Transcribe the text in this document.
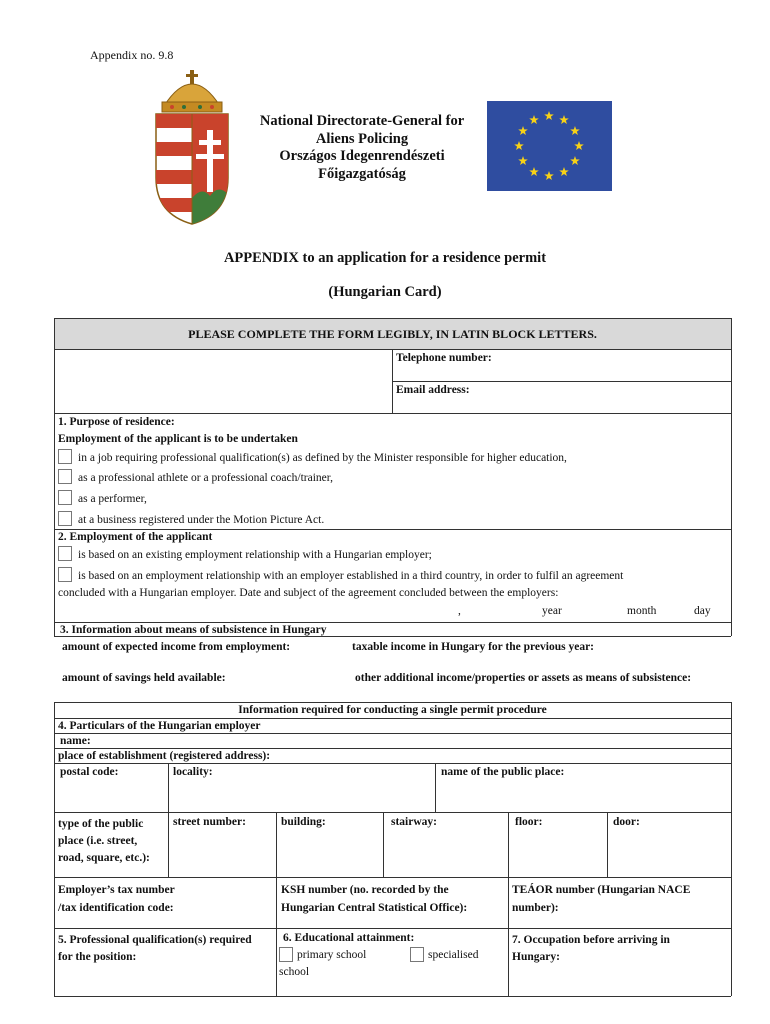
Appendix no. 9.8
National Directorate-General for
Aliens Policing
Országos Idegenrendészeti
Főigazgatóság
APPENDIX to an application for a residence permit
(Hungarian Card)
PLEASE COMPLETE THE FORM LEGIBLY, IN LATIN BLOCK LETTERS.
Telephone number:
Email address:
1. Purpose of residence:
Employment of the applicant is to be undertaken
in a job requiring professional qualification(s) as defined by the Minister responsible for higher education,
as a professional athlete or a professional coach/trainer,
as a performer,
at a business registered under the Motion Picture Act.
2. Employment of the applicant
is based on an existing employment relationship with a Hungarian employer;
is based on an employment relationship with an employer established in a third country, in order to fulfil an agreement
concluded with a Hungarian employer. Date and subject of the agreement concluded between the employers:
,	year	month	day
3. Information about means of subsistence in Hungary
amount of expected income from employment:	taxable income in Hungary for the previous year:
amount of savings held available:	other additional income/properties or assets as means of subsistence:
Information required for conducting a single permit procedure
4. Particulars of the Hungarian employer
name:
place of establishment (registered address):
postal code:	locality:	name of the public place:
type of the public
place (i.e. street,
road, square, etc.):
street number:	building:	stairway:	floor:	door:
Employer’s tax number
/tax identification code:
KSH number (no. recorded by the
Hungarian Central Statistical Office):
TEÁOR number (Hungarian NACE
number):
5. Professional qualification(s) required
for the position:
6. Educational attainment:
primary school	specialised
school
7. Occupation before arriving in
Hungary:
